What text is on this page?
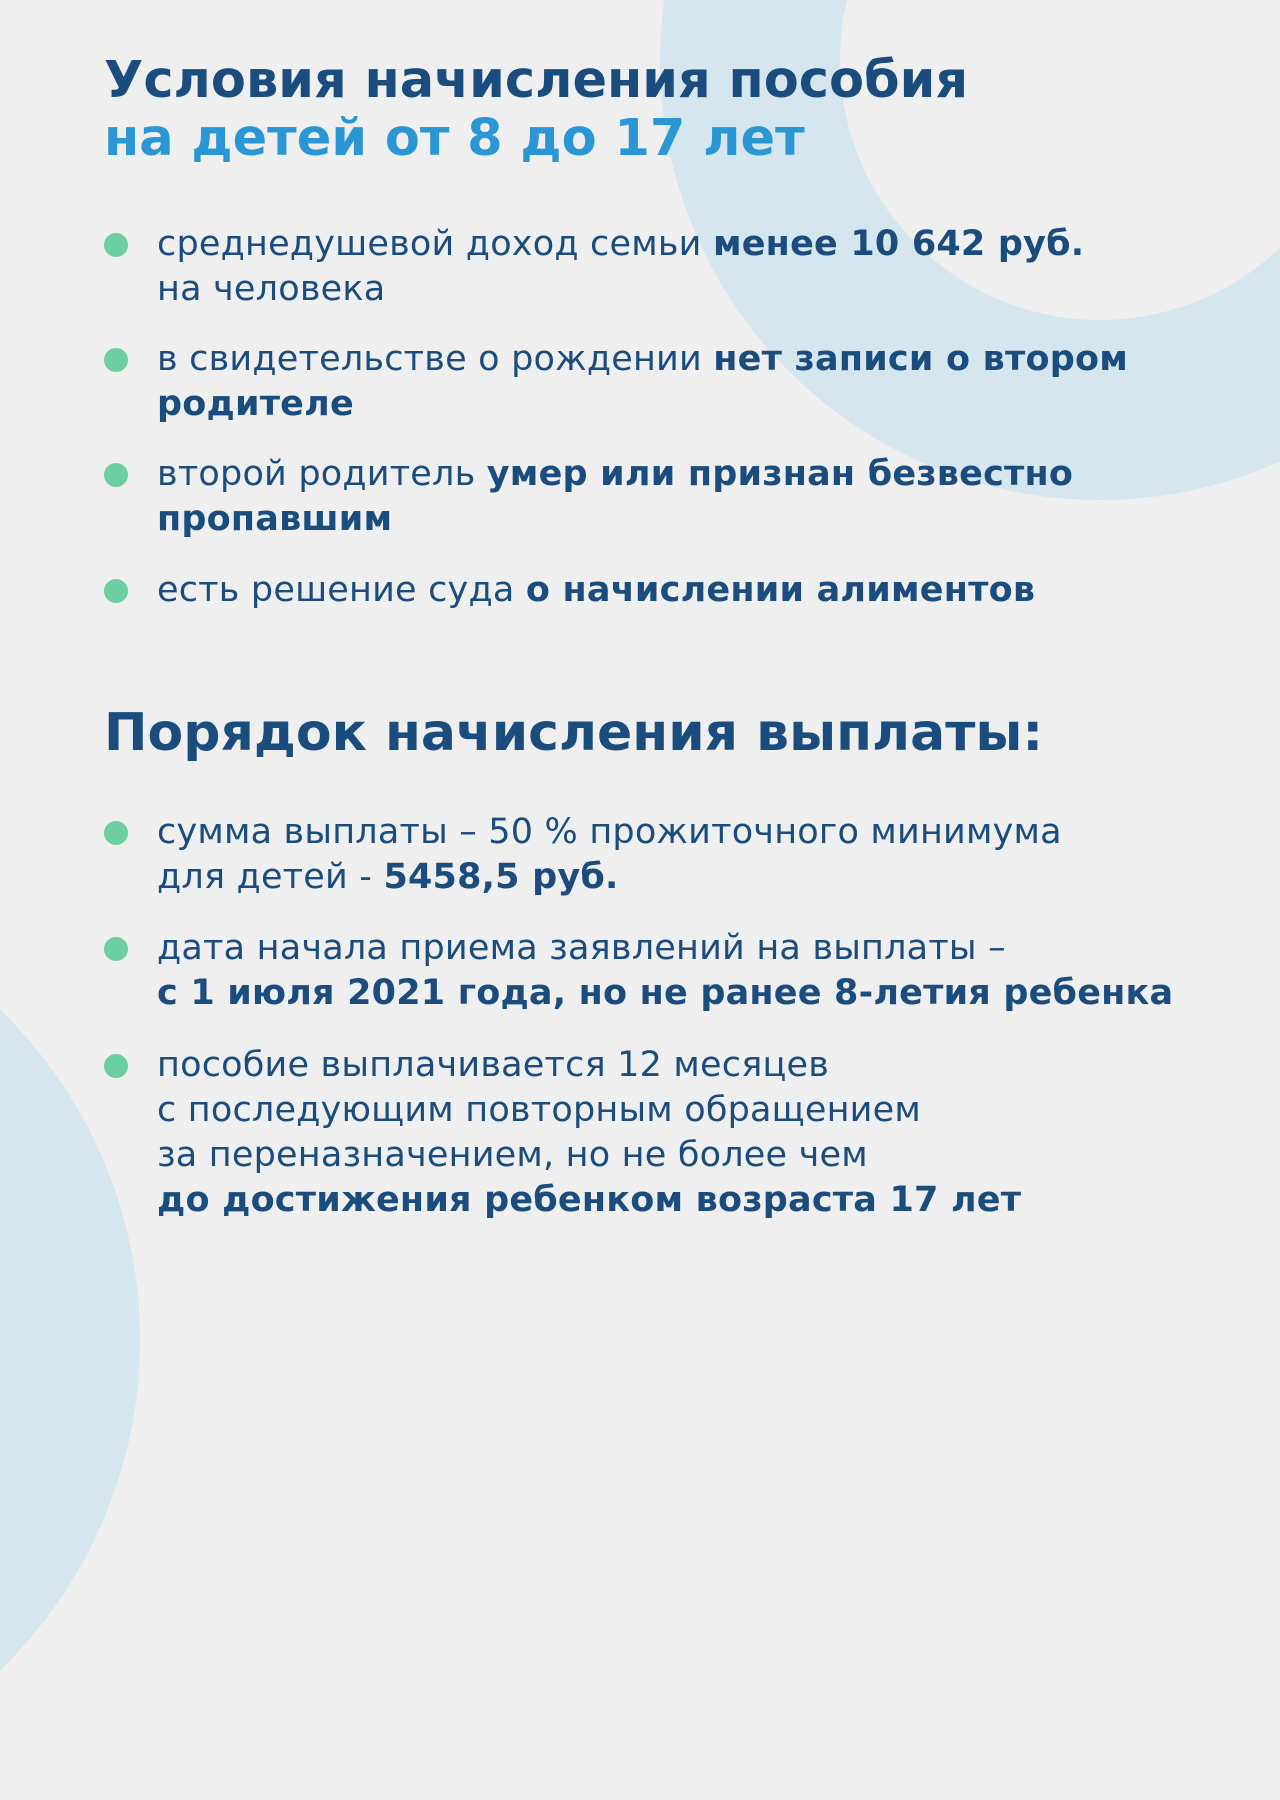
Условия начисления пособия
на детей от 8 до 17 лет
среднедушевой доход семьи менее 10 642 руб.
на человека
в свидетельстве о рождении нет записи о втором
родителе
второй родитель умер или признан безвестно
пропавшим
есть решение суда о начислении алиментов
Порядок начисления выплаты:
сумма выплаты – 50 % прожиточного минимума
для детей - 5458,5 руб.
дата начала приема заявлений на выплаты –
с 1 июля 2021 года, но не ранее 8-летия ребенка
пособие выплачивается 12 месяцев
с последующим повторным обращением
за переназначением, но не более чем
до достижения ребенком возраста 17 лет
